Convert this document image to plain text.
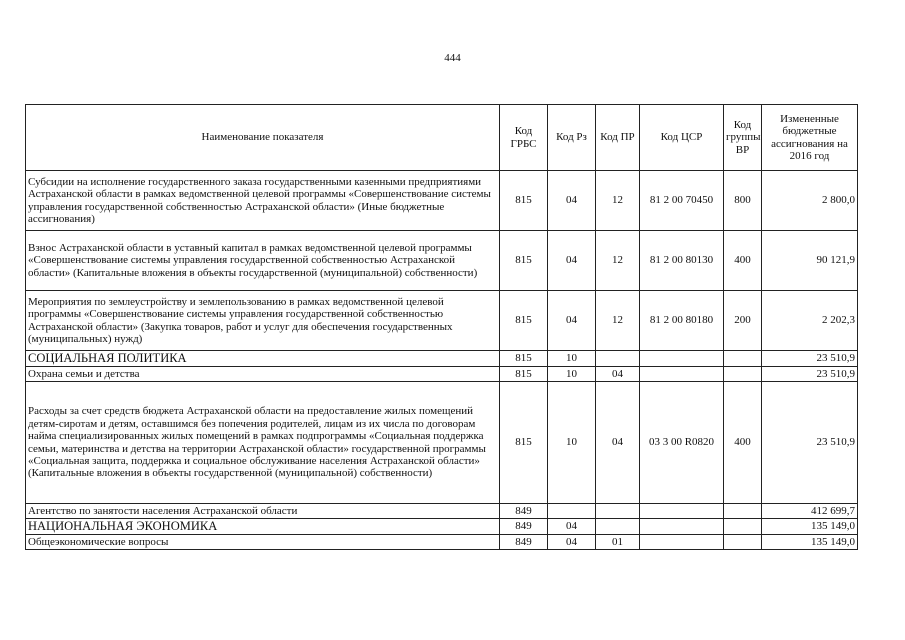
444
Наименование показателя	Код ГРБС	Код Рз	Код ПР	Код ЦСР	Код группы ВР	Измененные бюджетные ассигнования на 2016 год
Субсидии на исполнение государственного заказа государственными казенными предприятиями Астраханской области в рамках ведомственной целевой программы «Совершенствование системы управления государственной собственностью Астраханской области» (Иные бюджетные ассигнования)	815	04	12	81 2 00 70450	800	2 800,0
Взнос Астраханской области в уставный капитал в рамках ведомственной целевой программы «Совершенствование системы управления государственной собственностью Астраханской области» (Капитальные вложения в объекты государственной (муниципальной) собственности)	815	04	12	81 2 00 80130	400	90 121,9
Мероприятия по землеустройству и землепользованию в рамках ведомственной целевой программы «Совершенствование системы управления государственной собственностью Астраханской области» (Закупка товаров, работ и услуг для обеспечения государственных (муниципальных) нужд)	815	04	12	81 2 00 80180	200	2 202,3
СОЦИАЛЬНАЯ ПОЛИТИКА	815	10				23 510,9
Охрана семьи и детства	815	10	04			23 510,9
Расходы за счет средств бюджета Астраханской области на предоставление жилых помещений детям-сиротам и детям, оставшимся без попечения родителей, лицам из их числа по договорам найма специализированных жилых помещений в рамках подпрограммы «Социальная поддержка семьи, материнства и детства на территории Астраханской области» государственной программы «Социальная защита, поддержка и социальное обслуживание населения Астраханской области» (Капитальные вложения в объекты государственной (муниципальной) собственности)	815	10	04	03 3 00 R0820	400	23 510,9
Агентство по занятости населения Астраханской области	849					412 699,7
НАЦИОНАЛЬНАЯ ЭКОНОМИКА	849	04				135 149,0
Общеэкономические вопросы	849	04	01			135 149,0
